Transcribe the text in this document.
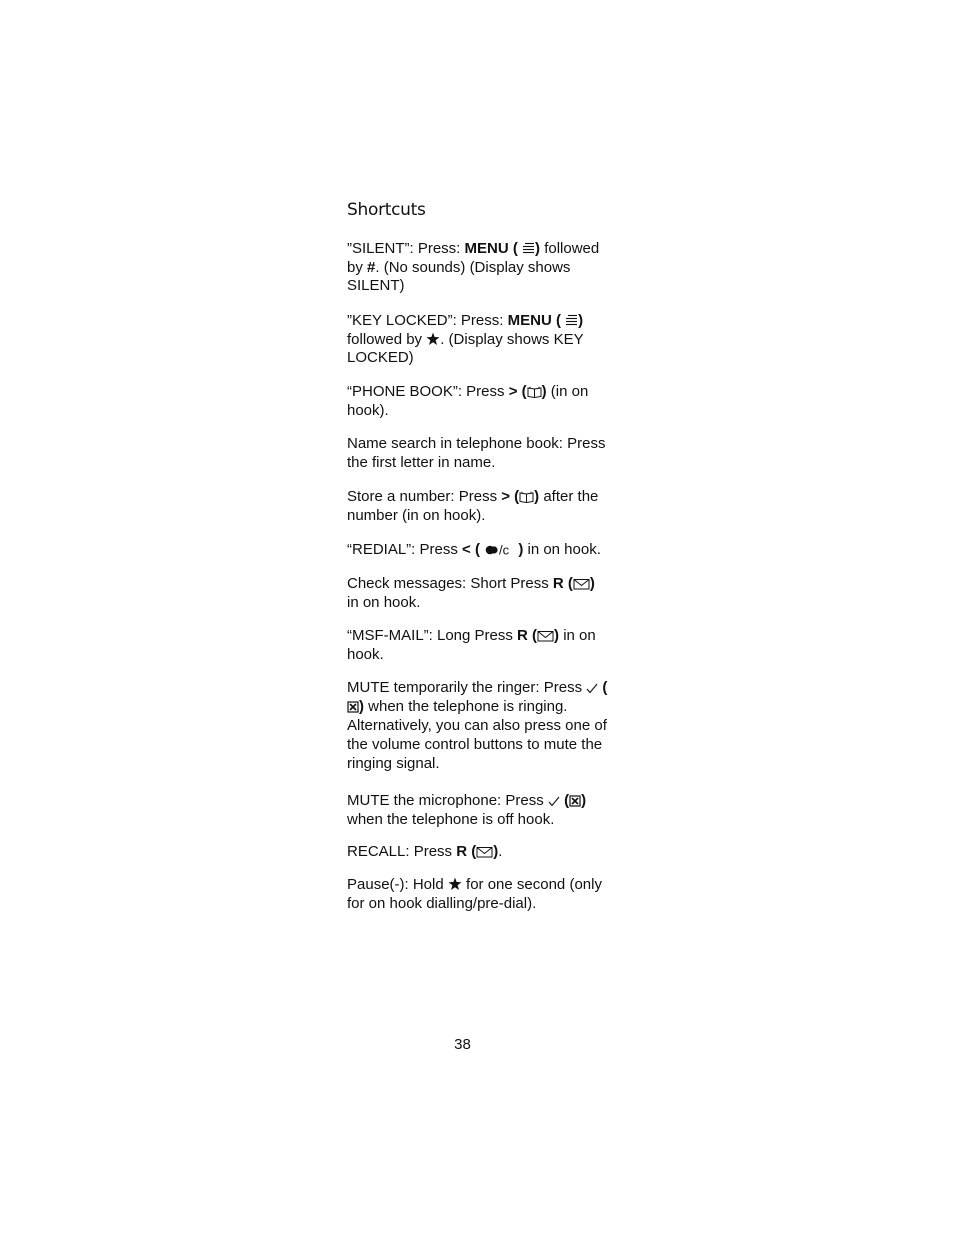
Shortcuts

”SILENT”: Press: MENU ( ) followed by #. (No sounds) (Display shows SILENT)

”KEY LOCKED”: Press: MENU ( ) followed by
. (Display shows KEY LOCKED)

“PHONE BOOK”: Press > ( ) (in on hook).

Name search in telephone book: Press the first letter in name.

Store a number: Press > ( ) after the number (in on hook).

“REDIAL”: Press < ( /c ) in on hook.

Check messages: Short Press R ( ) in on hook.

“MSF-MAIL”: Long Press R ( ) in on hook.

MUTE temporarily the ringer: Press
(
) when the telephone is ringing. Alternatively, you can also press one of the volume control buttons to mute the ringing signal.

MUTE the microphone: Press
( ) when the telephone is off hook.

RECALL: Press R ( ).

Pause(-): Hold
for one second (only for on hook dialling/pre-dial).

38
